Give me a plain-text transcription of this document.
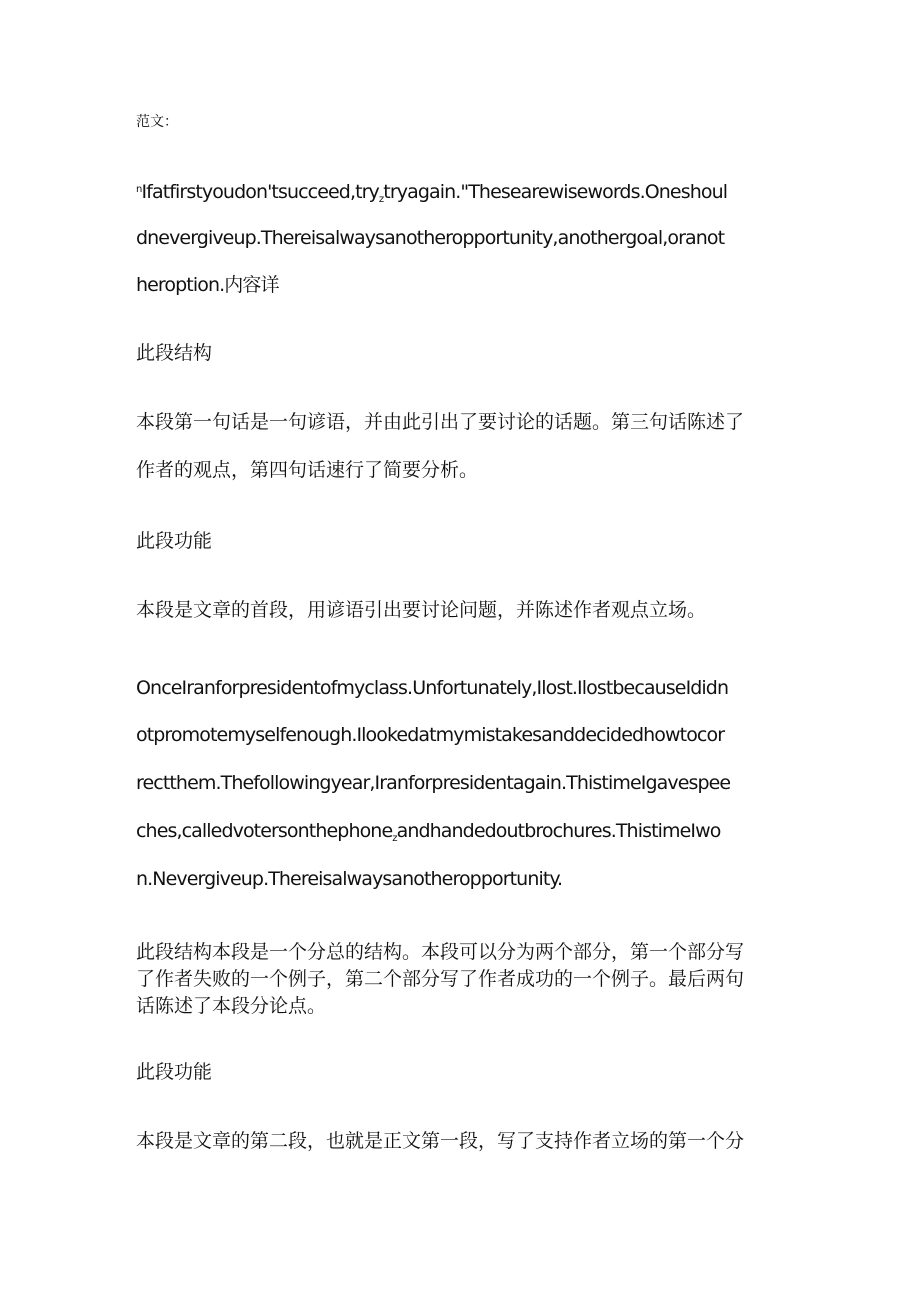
范文：
$^n$Ifatfirstyoudon'tsucceed,try$_z$tryagain."Thesearewisewords.Oneshoul
dnevergiveup.Thereisalwaysanotheropportunity,anothergoal,oranot
heroption.内容详
此段结构
本段第一句话是一句谚语，并由此引出了要讨论的话题。第三句话陈述了
作者的观点，第四句话速行了简要分析。
此段功能
本段是文章的首段，用谚语引出要讨论问题，并陈述作者观点立场。
OnceIranforpresidentofmyclass.Unfortunately,Ilost.IlostbecauseIdidn
otpromotemyselfenough.Ilookedatmymistakesanddecidedhowtocor
rectthem.Thefollowingyear,Iranforpresidentagain.ThistimeIgavespee
ches,calledvotersonthephone$_z$andhandedoutbrochures.ThistimeIwo
n.Nevergiveup.Thereisalwaysanotheropportunity.
此段结构本段是一个分总的结构。本段可以分为两个部分，第一个部分写
了作者失败的一个例子，第二个部分写了作者成功的一个例子。最后两句
话陈述了本段分论点。
此段功能
本段是文章的第二段，也就是正文第一段，写了支持作者立场的第一个分
